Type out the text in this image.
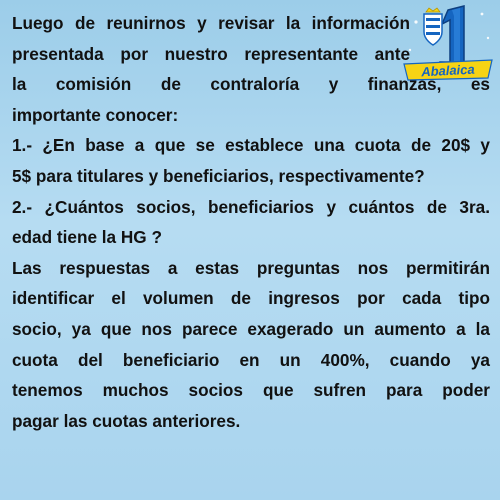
Abalaica
Luego de reunirnos y revisar la información
presentada por nuestro representante ante
la comisión de contraloría y finanzas, es
importante conocer:
1.- ¿En base a que se establece una cuota de 20$ y
5$ para titulares y beneficiarios, respectivamente?
2.- ¿Cuántos socios, beneficiarios y cuántos de 3ra.
edad tiene la HG ?
Las respuestas a estas preguntas nos permitirán
identificar el volumen de ingresos por cada tipo
socio, ya que nos parece exagerado un aumento a la
cuota del beneficiario en un 400%, cuando ya
tenemos muchos socios que sufren para poder
pagar las cuotas anteriores.
